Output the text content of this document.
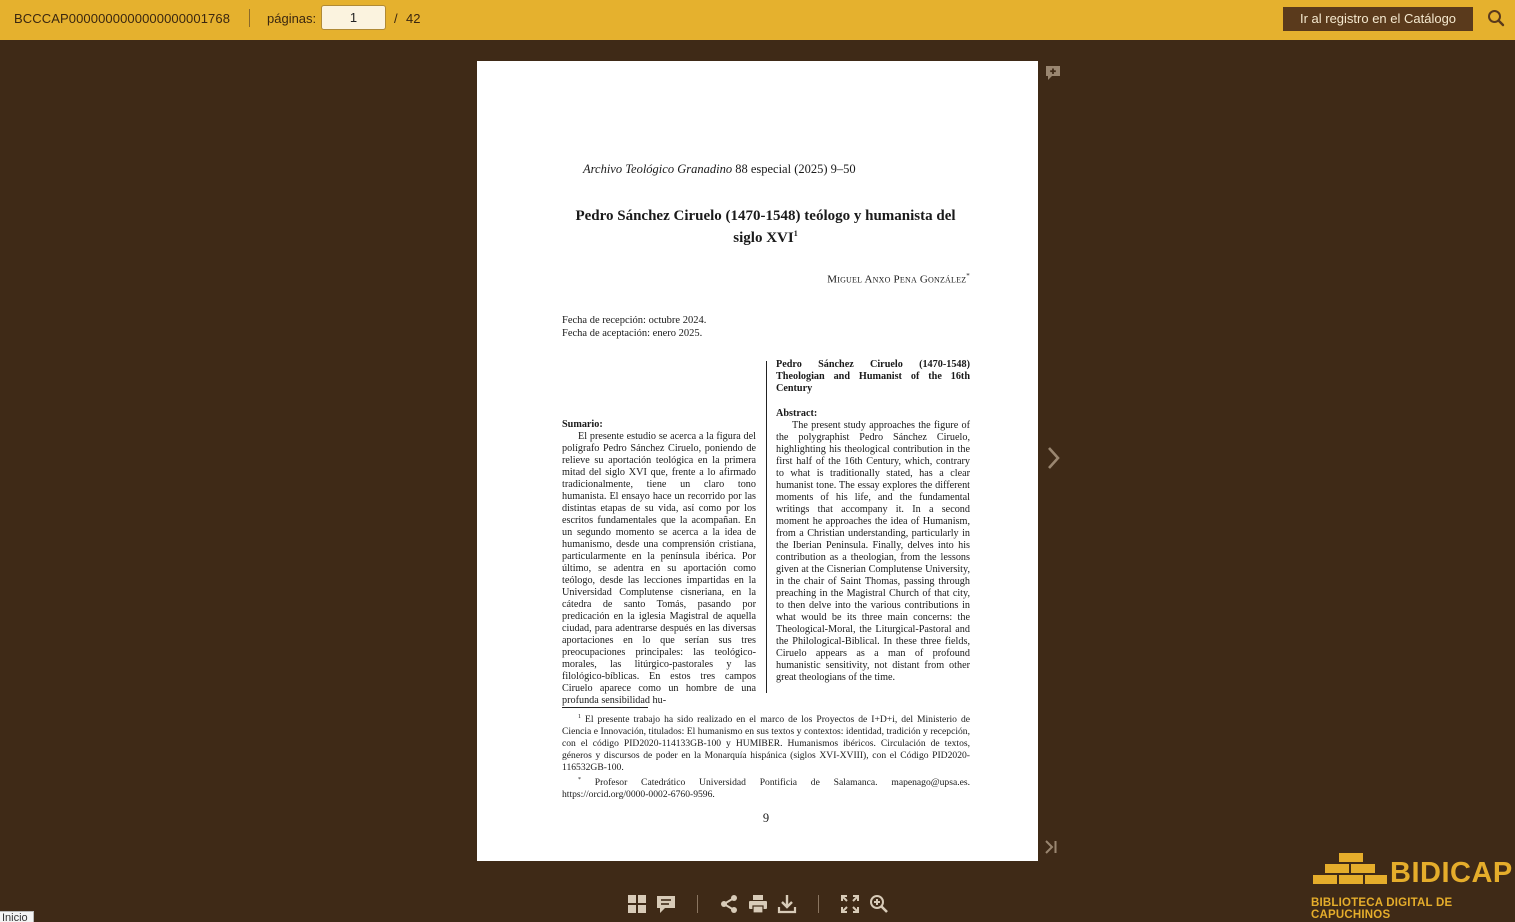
BCCCAP0000000000000000001768	páginas:
1	/ 42	Ir al registro en el Catálogo
Archivo Teológico Granadino 88 especial (2025) 9–50
Pedro Sánchez Ciruelo (1470-1548) teólogo y humanista del
siglo XVI$^1$
Miguel Anxo Pena González*
Fecha de recepción: octubre 2024.
Fecha de aceptación: enero 2025.
Sumario:
El presente estudio se acerca a la figura del polígrafo Pedro Sánchez Ciruelo, poniendo de relieve su aportación teológica en la primera mitad del siglo XVI que, frente a lo afirmado tradicionalmente, tiene un claro tono humanista. El ensayo hace un recorrido por las distintas etapas de su vida, así como por los escritos fundamentales que la acompañan. En un segundo momento se acerca a la idea de humanismo, desde una comprensión cristiana, particularmente en la península ibérica. Por último, se adentra en su aportación como teólogo, desde las lecciones impartidas en la Universidad Complutense cisneriana, en la cátedra de santo Tomás, pasando por predicación en la iglesia Magistral de aquella ciudad, para adentrarse después en las diversas aportaciones en lo que serían sus tres preocupaciones principales: las teológico-morales, las litúrgico-pastorales y las filológico-bíblicas. En estos tres campos Ciruelo aparece como un hombre de una profunda sensibilidad hu-
Pedro Sánchez Ciruelo (1470-1548) Theologian and Humanist of the 16th Century
Abstract:
The present study approaches the figure of the polygraphist Pedro Sánchez Ciruelo, highlighting his theological contribution in the first half of the 16th Century, which, contrary to what is traditionally stated, has a clear humanist tone. The essay explores the different moments of his life, and the fundamental writings that accompany it. In a second moment he approaches the idea of Humanism, from a Christian understanding, particularly in the Iberian Peninsula. Finally, delves into his contribution as a theologian, from the lessons given at the Cisnerian Complutense University, in the chair of Saint Thomas, passing through preaching in the Magistral Church of that city, to then delve into the various contributions in what would be its three main concerns: the Theological-Moral, the Liturgical-Pastoral and the Philological-Biblical. In these three fields, Ciruelo appears as a man of profound humanistic sensitivity, not distant from other great theologians of the time.
$^1$ El presente trabajo ha sido realizado en el marco de los Proyectos de I+D+i, del Ministerio de Ciencia e Innovación, titulados: El humanismo en sus textos y contextos: identidad, tradición y recepción, con el código PID2020-114133GB-100 y HUMIBER. Humanismos ibéricos. Circulación de textos, géneros y discursos de poder en la Monarquía hispánica (siglos XVI-XVIII), con el Código PID2020-116532GB-100.
* Profesor Catedrático Universidad Pontificia de Salamanca. mapenago@upsa.es. https://orcid.org/0000-0002-6760-9596.
9
Inicio
BIDICAP
BIBLIOTECA DIGITAL DE CAPUCHINOS
